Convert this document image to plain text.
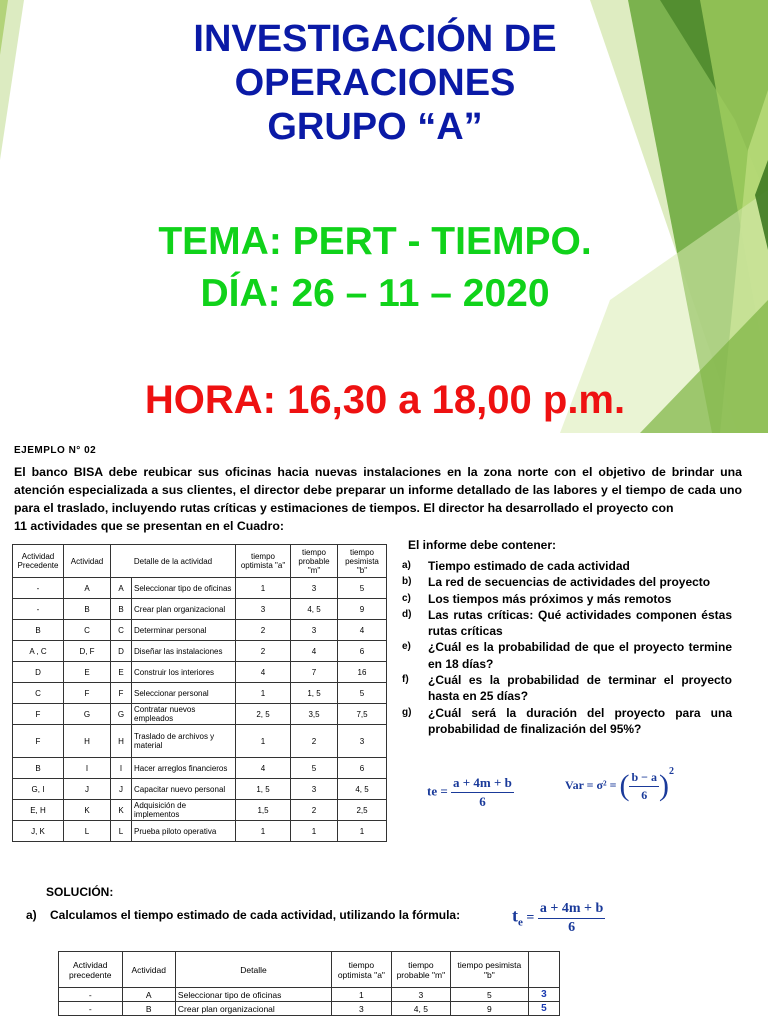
INVESTIGACIÓN DE
OPERACIONES
GRUPO “A”
TEMA: PERT - TIEMPO.
DÍA: 26 – 11 – 2020
HORA: 16,30 a 18,00 p.m.
EJEMPLO N° 02
El banco BISA debe reubicar sus oficinas hacia nuevas instalaciones en la zona norte con el objetivo de brindar una atención especializada a sus clientes, el director debe preparar un informe detallado de las labores y el tiempo de cada uno para el traslado, incluyendo rutas críticas y estimaciones de tiempos. El director ha desarrollado el proyecto con
11 actividades que se presentan en el Cuadro:
Actividad Precedente	Actividad	Detalle de la actividad		tiempo optimista "a"	tiempo probable "m"	tiempo pesimista "b"
-	A	A	Seleccionar tipo de oficinas	1	3	5
-	B	B	Crear plan organizacional	3	4, 5	9
B	C	C	Determinar personal	2	3	4
A , C	D, F	D	Diseñar las instalaciones	2	4	6
D	E	E	Construir los interiores	4	7	16
C	F	F	Seleccionar personal	1	1, 5	5
F	G	G	Contratar nuevos empleados	2, 5	3,5	7,5
F	H	H	Traslado de archivos y material	1	2	3
B	I	I	Hacer arreglos financieros	4	5	6
G, I	J	J	Capacitar nuevo personal	1, 5	3	4, 5
E, H	K	K	Adquisición de implementos	1,5	2	2,5
J, K	L	L	Prueba piloto operativa	1	1	1
El informe debe contener:
a)	Tiempo estimado de cada actividad
b)	La red de secuencias de actividades del proyecto
c)	Los tiempos más próximos y más remotos
d)	Las rutas críticas: Qué actividades componen éstas rutas críticas
e)	¿Cuál es la probabilidad de que el proyecto termine en 18 días?
f)	¿Cuál es la probabilidad de terminar el proyecto hasta en 25 días?
g)	¿Cuál será la duración del proyecto para una probabilidad de finalización del 95%?
te = $\frac{a + 4m + b}{6}$	Var = σ² = ( $\frac{b - a}{6} )^2$
SOLUCIÓN:
a) Calculamos el tiempo estimado de cada actividad, utilizando la fórmula:	$t_e = \frac{a + 4m + b}{6}$
Actividad precedente	Actividad	Detalle	tiempo optimista "a"	tiempo probable "m"	tiempo pesimista "b"	
-	A	Seleccionar tipo de oficinas	1	3	5	3
-	B	Crear plan organizacional	3	4, 5	9	5
